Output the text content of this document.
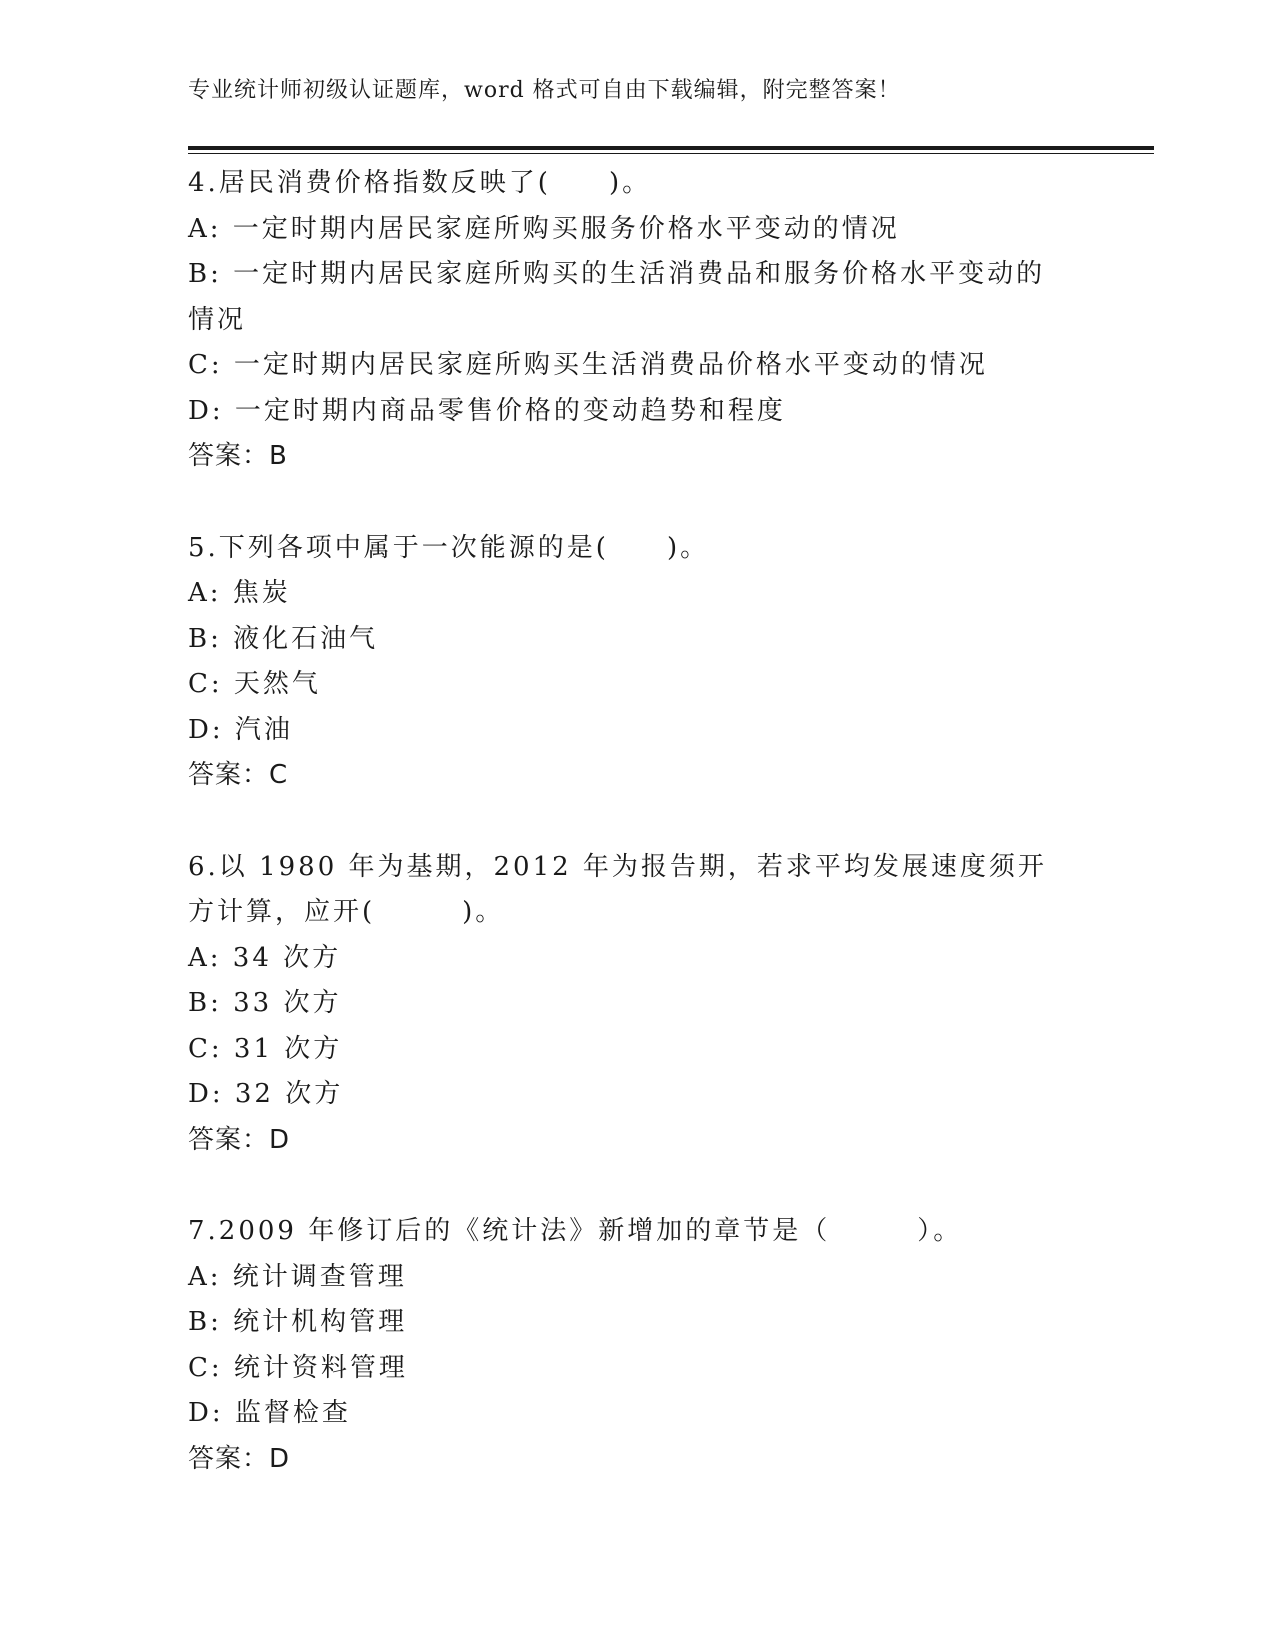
专业统计师初级认证题库，word 格式可自由下载编辑，附完整答案！
4.居民消费价格指数反映了(　　)。
A: 一定时期内居民家庭所购买服务价格水平变动的情况
B: 一定时期内居民家庭所购买的生活消费品和服务价格水平变动的情况
C: 一定时期内居民家庭所购买生活消费品价格水平变动的情况
D: 一定时期内商品零售价格的变动趋势和程度
答案：B
5.下列各项中属于一次能源的是(　　)。
A: 焦炭
B: 液化石油气
C: 天然气
D: 汽油
答案：C
6.以 1980 年为基期，2012 年为报告期，若求平均发展速度须开方计算，应开(　　　)。
A: 34 次方
B: 33 次方
C: 31 次方
D: 32 次方
答案：D
7.2009 年修订后的《统计法》新增加的章节是（　　　）。
A: 统计调查管理
B: 统计机构管理
C: 统计资料管理
D: 监督检查
答案：D
